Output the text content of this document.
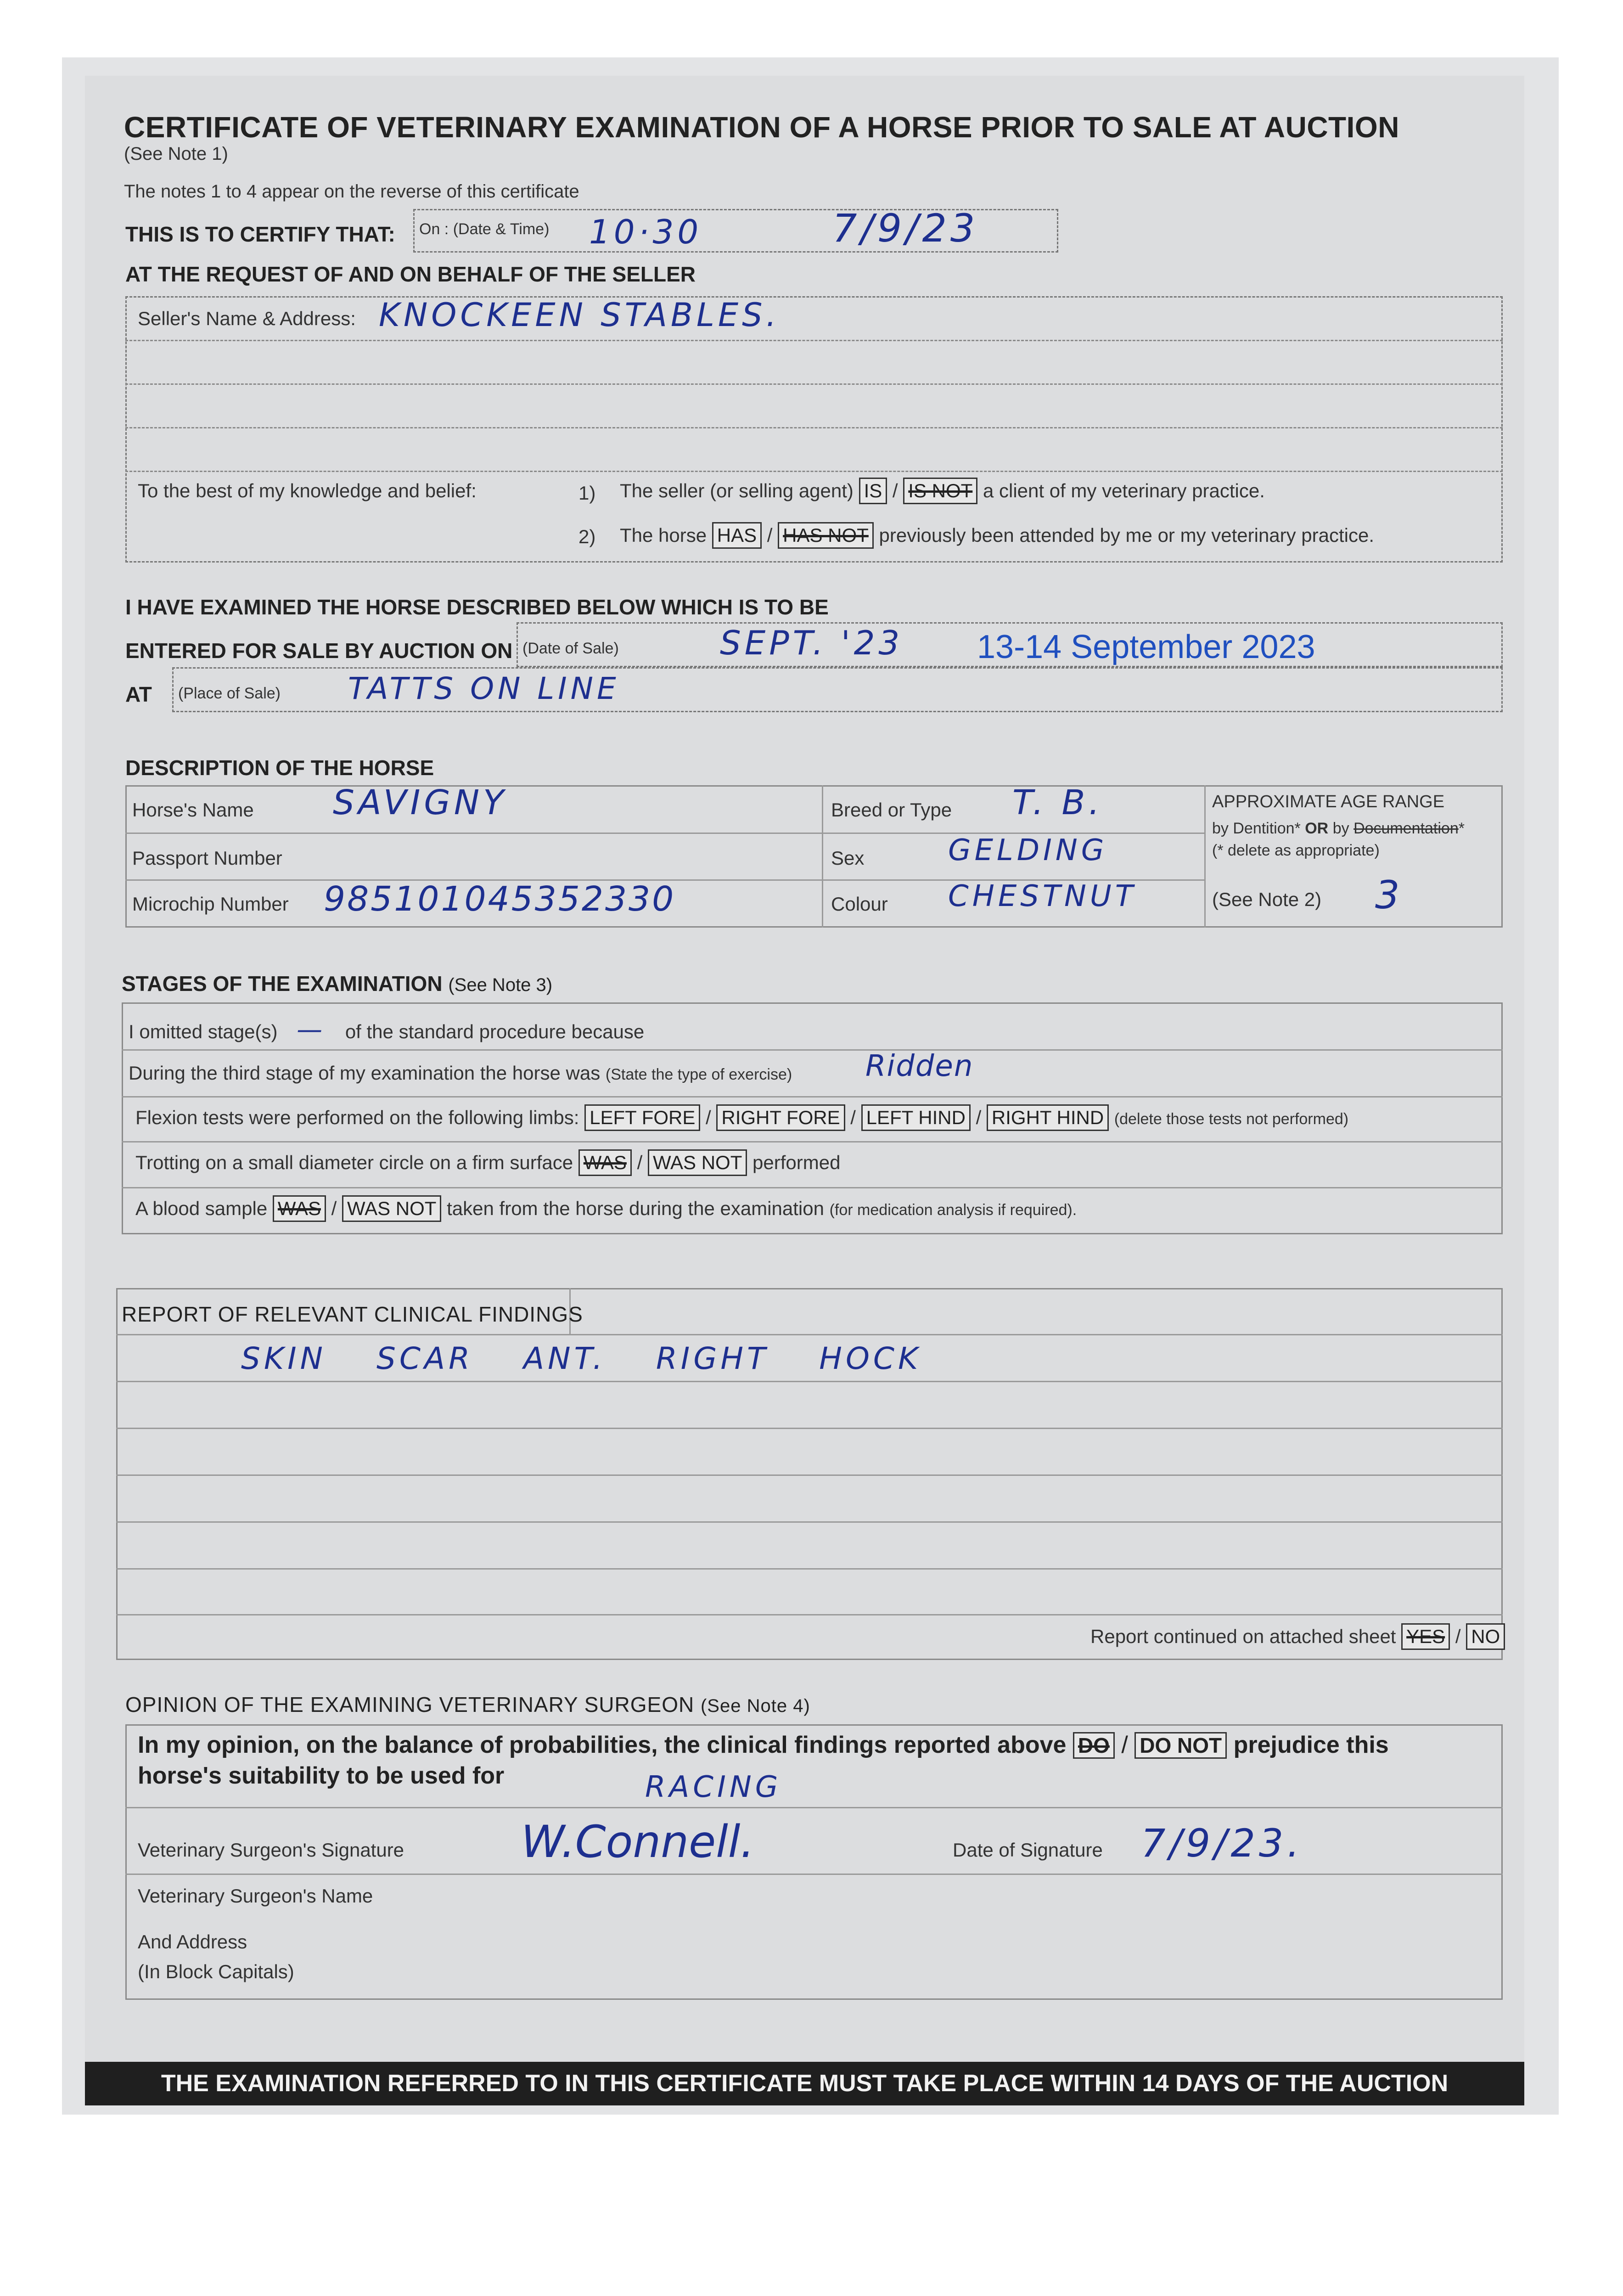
CERTIFICATE OF VETERINARY EXAMINATION OF A HORSE PRIOR TO SALE AT AUCTION
(See Note 1)
The notes 1 to 4 appear on the reverse of this certificate
THIS IS TO CERTIFY THAT: On : (Date & Time) 10·30	7/9/23
AT THE REQUEST OF AND ON BEHALF OF THE SELLER
Seller's Name & Address: KNOCKEEN STABLES.
To the best of my knowledge and belief:	1) The seller (or selling agent) IS / IS NOT a client of my veterinary practice.
2) The horse HAS / HAS NOT previously been attended by me or my veterinary practice.
I HAVE EXAMINED THE HORSE DESCRIBED BELOW WHICH IS TO BE
ENTERED FOR SALE BY AUCTION ON (Date of Sale)	SEPT. '23 13-14 September 2023
AT (Place of Sale) TATTS ON LINE
DESCRIPTION OF THE HORSE
Horse's Name SAVIGNY
Passport Number
Microchip Number 985101045352330
Breed or Type T. B.
Sex	GELDING
Colour CHESTNUT
APPROXIMATE AGE RANGE
by Dentition* OR by Documentation*
(* delete as appropriate)
(See Note 2) 3
STAGES OF THE EXAMINATION (See Note 3)
I omitted stage(s) — of the standard procedure because
During the third stage of my examination the horse was (State the type of exercise) Ridden
Flexion tests were performed on the following limbs: LEFT FORE / RIGHT FORE / LEFT HIND / RIGHT HIND (delete those tests not performed)
Trotting on a small diameter circle on a firm surface WAS / WAS NOT performed
A blood sample WAS / WAS NOT taken from the horse during the examination (for medication analysis if required).
REPORT OF RELEVANT CLINICAL FINDINGS
SKIN SCAR ANT. RIGHT HOCK
Report continued on attached sheet YES / NO
OPINION OF THE EXAMINING VETERINARY SURGEON (See Note 4)
In my opinion, on the balance of probabilities, the clinical findings reported above DO / DO NOT prejudice this
horse's suitability to be used for	RACING
Veterinary Surgeon's Signature	W.Connell.	Date of Signature 7/9/23.
Veterinary Surgeon's Name
And Address
(In Block Capitals)
THE EXAMINATION REFERRED TO IN THIS CERTIFICATE MUST TAKE PLACE WITHIN 14 DAYS OF THE AUCTION
